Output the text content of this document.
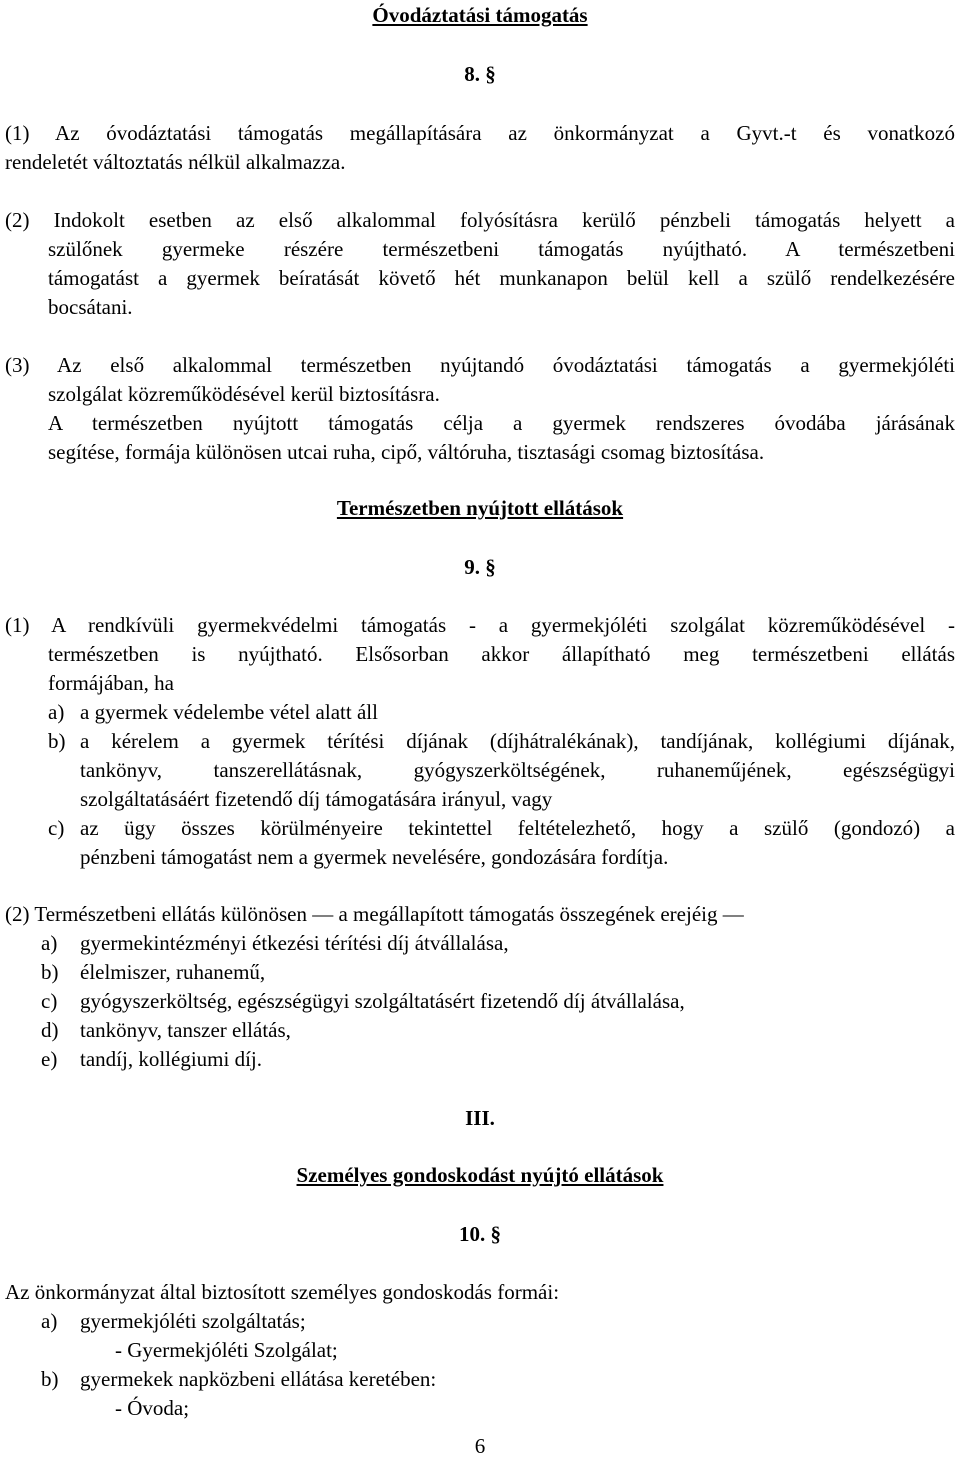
Óvodáztatási támogatás
8. §
(1) Az óvodáztatási támogatás megállapítására az önkormányzat a Gyvt.-t és vonatkozó
rendeletét változtatás nélkül alkalmazza.
(2) Indokolt esetben az első alkalommal folyósításra kerülő pénzbeli támogatás helyett a
szülőnek gyermeke részére természetbeni támogatás nyújtható. A természetbeni
támogatást a gyermek beíratását követő hét munkanapon belül kell a szülő rendelkezésére
bocsátani.
(3) Az első alkalommal természetben nyújtandó óvodáztatási támogatás a gyermekjóléti
szolgálat közreműködésével kerül biztosításra.
A természetben nyújtott támogatás célja a gyermek rendszeres óvodába járásának
segítése, formája különösen utcai ruha, cipő, váltóruha, tisztasági csomag biztosítása.
Természetben nyújtott ellátások
9. §
(1) A rendkívüli gyermekvédelmi támogatás - a gyermekjóléti szolgálat közreműködésével -
természetben is nyújtható. Elsősorban akkor állapítható meg természetbeni ellátás
formájában, ha
a) a gyermek védelembe vétel alatt áll
b) a kérelem a gyermek térítési díjának (díjhátralékának), tandíjának, kollégiumi díjának,
tankönyv, tanszerellátásnak, gyógyszerköltségének, ruhaneműjének, egészségügyi
szolgáltatásáért fizetendő díj támogatására irányul, vagy
c) az ügy összes körülményeire tekintettel feltételezhető, hogy a szülő (gondozó) a
pénzbeni támogatást nem a gyermek nevelésére, gondozására fordítja.
(2) Természetbeni ellátás különösen — a megállapított támogatás összegének erejéig —
a) gyermekintézményi étkezési térítési díj átvállalása,
b) élelmiszer, ruhanemű,
c) gyógyszerköltség, egészségügyi szolgáltatásért fizetendő díj átvállalása,
d) tankönyv, tanszer ellátás,
e) tandíj, kollégiumi díj.
III.
Személyes gondoskodást nyújtó ellátások
10. §
Az önkormányzat által biztosított személyes gondoskodás formái:
a) gyermekjóléti szolgáltatás;
- Gyermekjóléti Szolgálat;
b) gyermekek napközbeni ellátása keretében:
- Óvoda;
6
